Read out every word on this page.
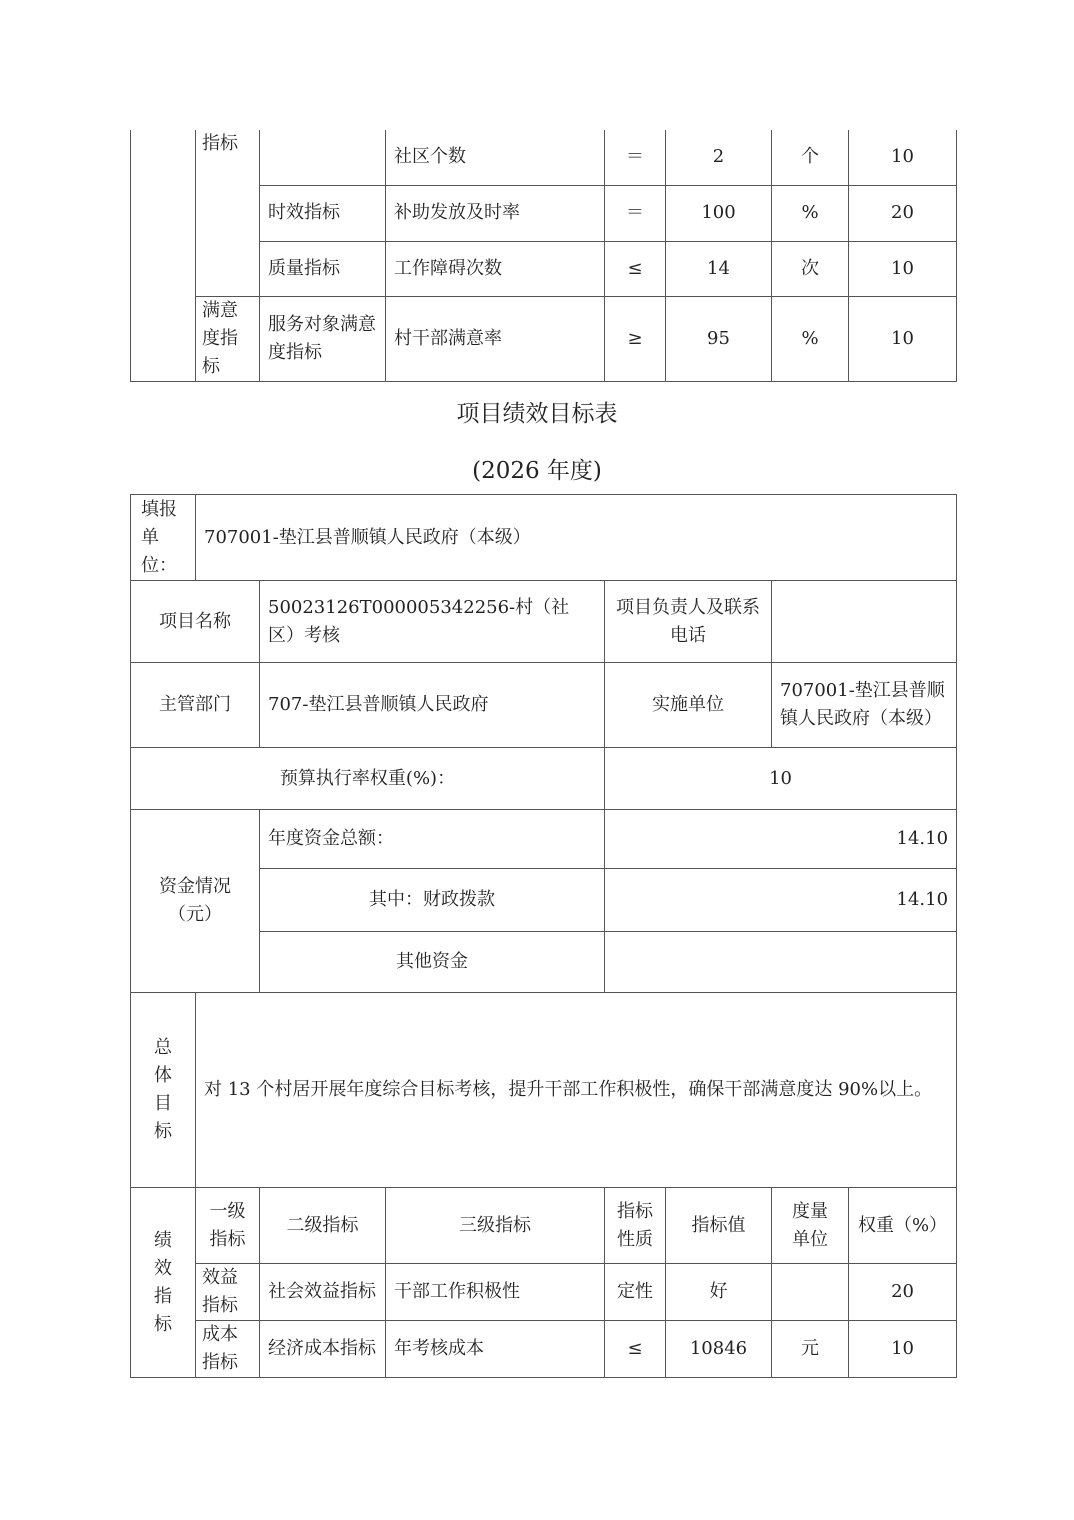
	指标		社区个数	＝	2	个	10
		时效指标	补助发放及时率	＝	100	%	20
		质量指标	工作障碍次数	≤	14	次	10
	满意度指标	服务对象满意度指标	村干部满意率	≥	95	%	10
项目绩效目标表
(2026 年度)
填报单位：	707001-垫江县普顺镇人民政府（本级）						
项目名称		50023126T000005342256-村（社区）考核		项目负责人及联系电话			
主管部门		707-垫江县普顺镇人民政府		实施单位		707001-垫江县普顺镇人民政府（本级）	
预算执行率权重(%)：				10			
资金情况（元）		年度资金总额：		14.10			
		其中：财政拨款		14.10			
		其他资金					
总体目标	对 13 个村居开展年度综合目标考核，提升干部工作积极性，确保干部满意度达 90%以上。						
绩效指标	一级指标	二级指标	三级指标	指标性质	指标值	度量单位	权重（%）
	效益指标	社会效益指标	干部工作积极性	定性	好		20
	成本指标	经济成本指标	年考核成本	≤	10846	元	10
